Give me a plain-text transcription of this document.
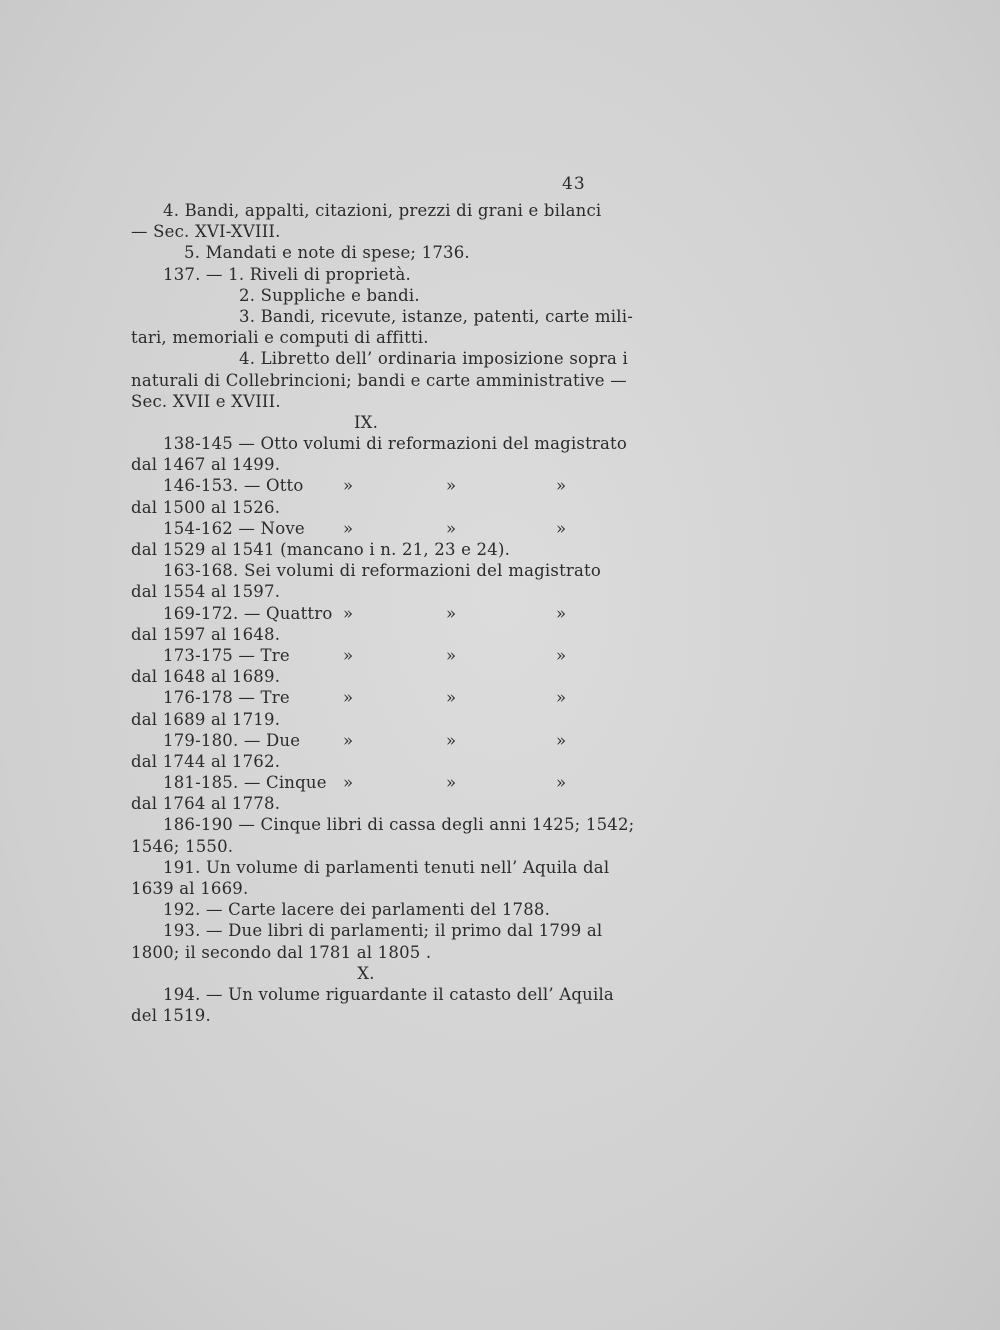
43
4. Bandi, appalti, citazioni, prezzi di grani e bilanci
— Sec. XVI-XVIII.
5. Mandati e note di spese; 1736.
137. — 1. Riveli di proprietà.
2. Suppliche e bandi.
3. Bandi, ricevute, istanze, patenti, carte mili-
tari, memoriali e computi di affitti.
4. Libretto dell’ ordinaria imposizione sopra i
naturali di Collebrincioni; bandi e carte amministrative —
Sec. XVII e XVIII.
IX.
138-145 — Otto volumi di reformazioni del magistrato
dal 1467 al 1499.
146-153. — Otto »	»	»
dal 1500 al 1526.
154-162 — Nove »	»	»
dal 1529 al 1541 (mancano i n. 21, 23 e 24).
163-168. Sei volumi di reformazioni del magistrato
dal 1554 al 1597.
169-172. — Quattro »	»	»
dal 1597 al 1648.
173-175 — Tre	»	»	»
dal 1648 al 1689.
176-178 — Tre	»	»	»
dal 1689 al 1719.
179-180. — Due	»	»	»
dal 1744 al 1762.
181-185. — Cinque »	»	»
dal 1764 al 1778.
186-190 — Cinque libri di cassa degli anni 1425; 1542;
1546; 1550.
191. Un volume di parlamenti tenuti nell’ Aquila dal
1639 al 1669.
192. — Carte lacere dei parlamenti del 1788.
193. — Due libri di parlamenti; il primo dal 1799 al
1800; il secondo dal 1781 al 1805 .
X.
194. — Un volume riguardante il catasto dell’ Aquila
del 1519.
